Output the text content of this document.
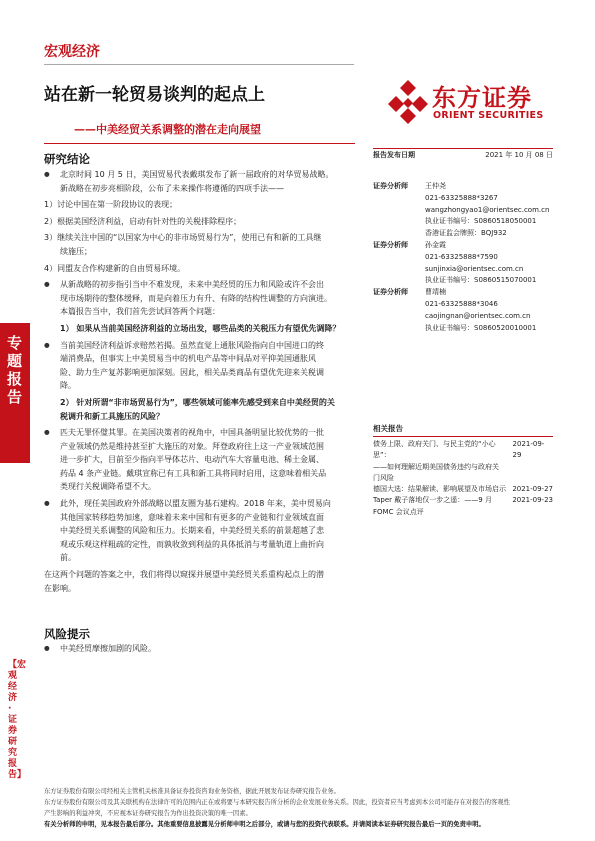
宏观经济
站在新一轮贸易谈判的起点上
——中美经贸关系调整的潜在走向展望
东方证券
ORIENT SECURITIES
专题报告
【宏观经济·证券研究报告】
研究结论
● 北京时间 10 月 5 日，美国贸易代表戴琪发布了新一届政府的对华贸易战略。
新战略在初步亮相阶段，公布了未来操作将遵循的四项手法——

1）讨论中国在第一阶段协议的表现；

2）根据美国经济利益，启动有针对性的关税排除程序；

3）继续关注中国的“以国家为中心的非市场贸易行为”，使用已有和新的工具继
续施压；

4）同盟友合作构建新的自由贸易环境。

● 从新战略的初步指引当中不难发现，未来中美经贸的压力和风险或许不会出
现市场期待的整体缓释，而是向着压力有升、有降的结构性调整的方向演进。
本篇报告当中，我们首先尝试回答两个问题：

1） 如果从当前美国经济利益的立场出发，哪些品类的关税压力有望优先调降？

● 当前美国经济利益诉求赔然若揭。虽然直觉上通胀风险指向自中国进口的终
端消费品，但事实上中美贸易当中的机电产品等中间品对平抑美国通胀风
险、助力生产复苏影响更加深刻。因此，相关品类商品有望优先迎来关税调
降。

2） 针对所谓“非市场贸易行为”，哪些领域可能率先感受到来自中美经贸的关
税调升和新工具施压的风险？

● 匹夫无罪怀璧其罪。在美国决策者的视角中，中国具备明显比较优势的一批
产业领域仍然是维持甚至扩大施压的对象。拜登政府往上这一产业领域范围
进一步扩大，目前至少指向半导体芯片、电动汽车大容量电池、稀土金属、
药品 4 条产业链。戴琪宣称已有工具和新工具将同时启用，这意味着相关品
类现行关税调降希望不大。

● 此外，现任美国政府外部战略以盟友圈为基石建构。2018 年来，美中贸易向
其他国家转移趋势加速，意味着未来中国和有更多的产业链和行业领域直面
中美经贸关系调整的风险和压力。长期来看，中美经贸关系的前景超越了悲
观或乐观这样粗疏的定性，而孰收敛到利益的具体抵消与考量轨道上曲折向
前。

在这两个问题的答案之中，我们将得以窥探并展望中美经贸关系重构起点上的潜
在影响。
风险提示
● 中美经贸摩擦加剧的风险。
报告发布日期	2021 年 10 月 08 日
证券分析师	王仲尧
021-63325888*3267
wangzhongyao1@orientsec.com.cn
执业证书编号：S0860518050001
香港证监会牌照：BQJ932
证券分析师	孙金霞
021-63325888*7590
sunjinxia@orientsec.com.cn
执业证书编号：S0860515070001
证券分析师	曹靖楠
021-63325888*3046
caojingnan@orientsec.com.cn
执业证书编号：S0860520010001
相关报告
债务上限、政府关门、与民主党的“小心思”：
2021-09-29
——如何理解近期美国债务违约与政府关
门风险
德国大选：结果解读、影响展望及市场启示 2021-09-27
Taper 戴子落地仅一步之遥：——9 月	2021-09-23
FOMC 会议点评
东方证券股份有限公司经相关主管机关核准具备证券投资咨询业务资格，据此开展发布证券研究报告业务。
东方证券股份有限公司及其关联机构在法律许可的范围内正在或将要与本研究报告所分析的企业发展业务关系。因此，投资者应当考虑到本公司可能存在对报告的客观性
产生影响的利益冲突，不应视本证券研究报告为作出投资决策的唯一因素。
有关分析师的申明，见本报告最后部分。其他重要信息披露见分析师申明之后部分，或请与您的投资代表联系。并请阅读本证券研究报告最后一页的免责申明。
